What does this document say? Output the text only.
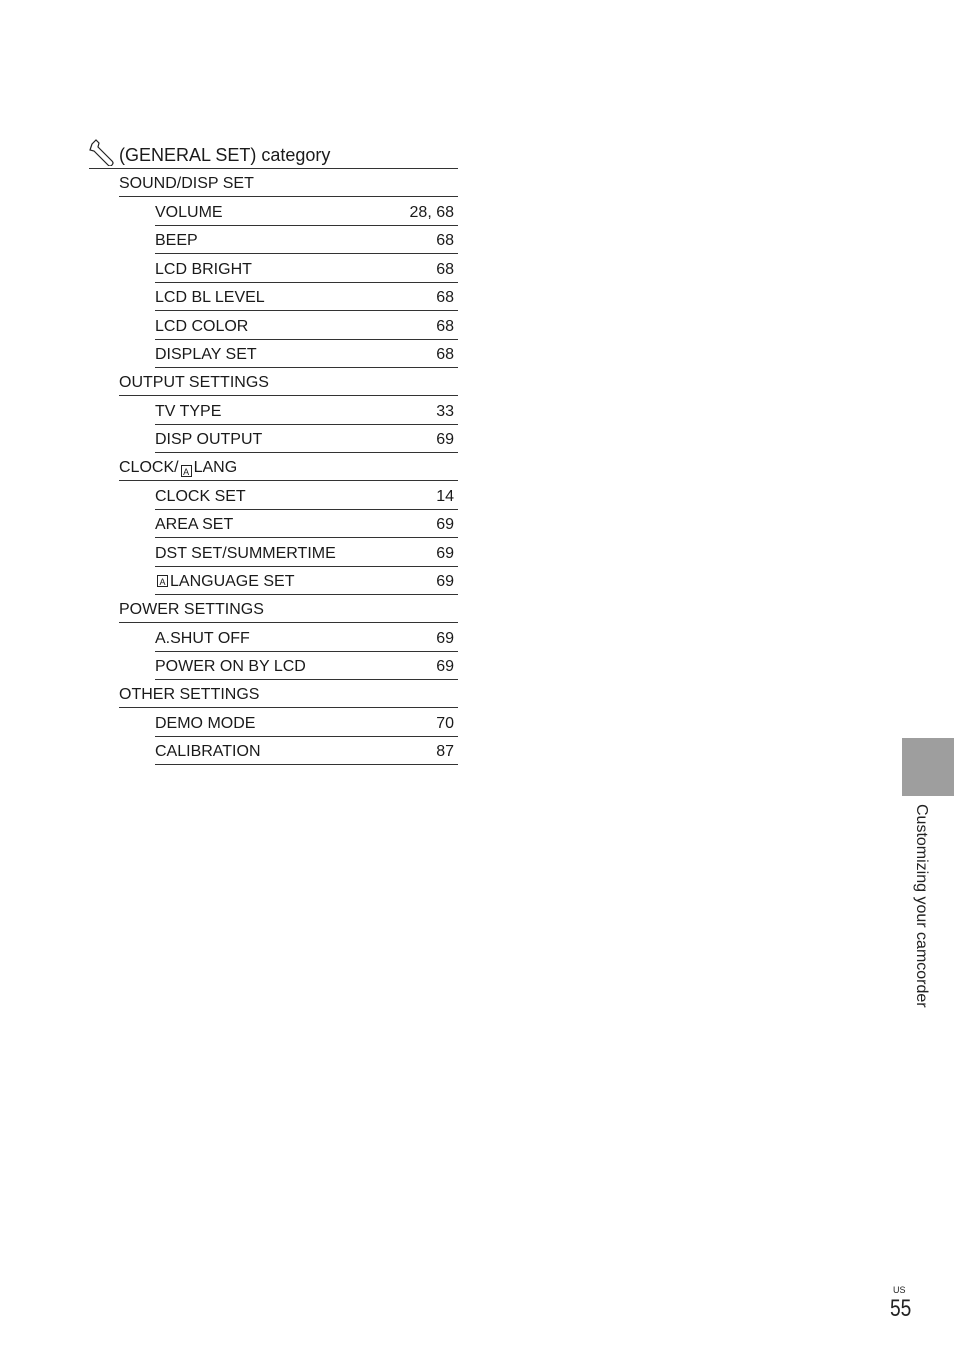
(GENERAL SET) category
SOUND/DISP SET
VOLUME	28, 68
BEEP	68
LCD BRIGHT	68
LCD BL LEVEL	68
LCD COLOR	68
DISPLAY SET	68
OUTPUT SETTINGS
TV TYPE	33
DISP OUTPUT	69
CLOCK/ A LANG
CLOCK SET	14
AREA SET	69
DST SET/SUMMERTIME	69
A LANGUAGE SET	69
POWER SETTINGS
A.SHUT OFF	69
POWER ON BY LCD	69
OTHER SETTINGS
DEMO MODE	70
CALIBRATION	87
Customizing your camcorder
US
55
